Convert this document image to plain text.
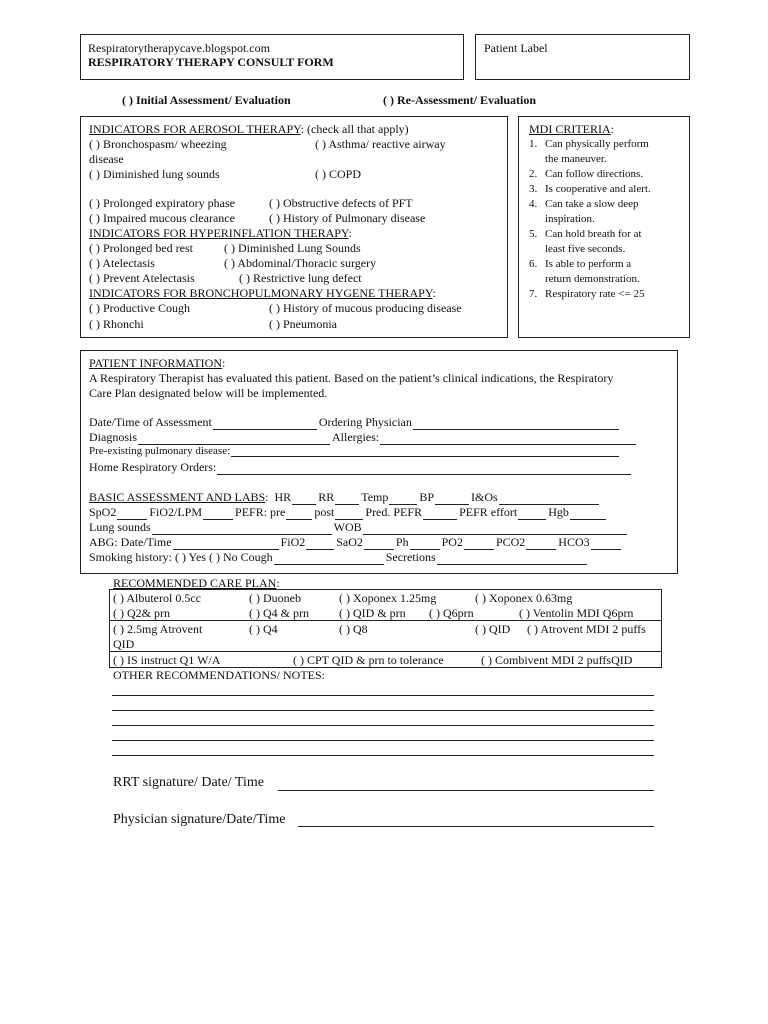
Respiratorytherapycave.blogspot.com
RESPIRATORY THERAPY CONSULT FORM
Patient Label
( ) Initial Assessment/ Evaluation	( ) Re-Assessment/ Evaluation
INDICATORS FOR AEROSOL THERAPY: (check all that apply)
( ) Bronchospasm/ wheezing	( ) Asthma/ reactive airway
disease
( ) Diminished lung sounds	( ) COPD
( ) Prolonged expiratory phase	( ) Obstructive defects of PFT
( ) Impaired mucous clearance	( ) History of Pulmonary disease
INDICATORS FOR HYPERINFLATION THERAPY:
( ) Prolonged bed rest	( ) Diminished Lung Sounds
( ) Atelectasis	( ) Abdominal/Thoracic surgery
( ) Prevent Atelectasis	( ) Restrictive lung defect
INDICATORS FOR BRONCHOPULMONARY HYGENE THERAPY:
( ) Productive Cough	( ) History of mucous producing disease
( ) Rhonchi	( ) Pneumonia
MDI CRITERIA:
1. Can physically perform
the maneuver.
2. Can follow directions.
3. Is cooperative and alert.
4. Can take a slow deep
inspiration.
5. Can hold breath for at
least five seconds.
6. Is able to perform a
return demonstration.
7. Respiratory rate <= 25
PATIENT INFORMATION:
A Respiratory Therapist has evaluated this patient. Based on the patient’s clinical indications, the Respiratory
Care Plan designated below will be implemented.
Date/Time of Assessment	Ordering Physician
Diagnosis	Allergies:
Pre-existing pulmonary disease:
Home Respiratory Orders:
BASIC ASSESSMENT AND LABS : HR RR Temp	BP	I&Os
SpO2	FiO2/LPM	PEFR: pre post	Pred. PEFR	PEFR effort	Hgb
Lung sounds	WOB
ABG: Date/Time	FiO2	SaO2	Ph	PO2	PCO2	HCO3
Smoking history: ( ) Yes ( ) No Cough	Secretions
RECOMMENDED CARE PLAN:
( ) Albuterol 0.5cc	( ) Duoneb	( ) Xoponex 1.25mg	( ) Xoponex 0.63mg
( ) Q2& prn	( ) Q4 & prn	( ) QID & prn ( ) Q6prn	( ) Ventolin MDI Q6prn

( ) 2.5mg Atrovent	( ) Q4	( ) Q8	( ) QID ( ) Atrovent MDI 2 puffs
QID

( ) IS instruct Q1 W/A	( ) CPT QID & prn to tolerance	( ) Combivent MDI 2 puffsQID
OTHER RECOMMENDATIONS/ NOTES:
RRT signature/ Date/ Time
Physician signature/Date/Time
